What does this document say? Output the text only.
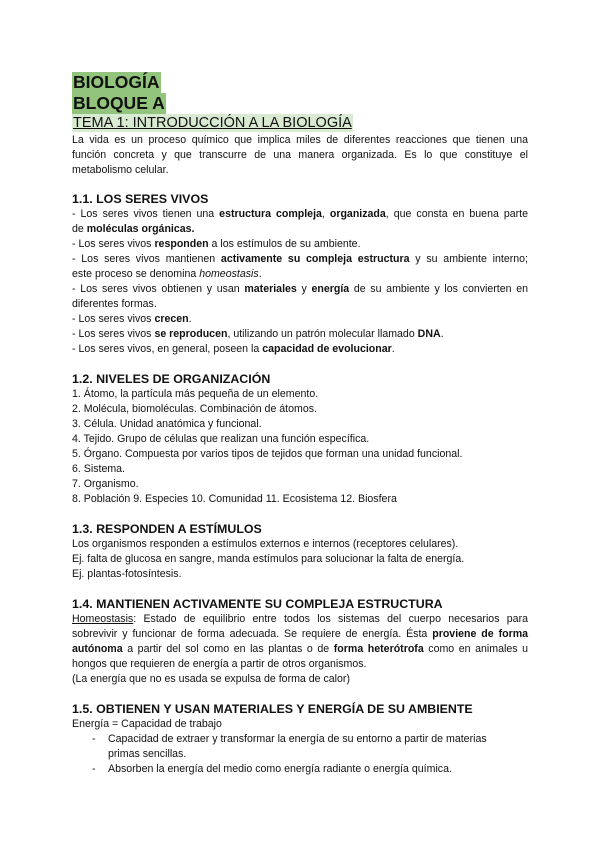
BIOLOGÍA
BLOQUE A
TEMA 1: INTRODUCCIÓN A LA BIOLOGÍA
La vida es un proceso químico que implica miles de diferentes reacciones que tienen una
función concreta y que transcurre de una manera organizada. Es lo que constituye el
metabolismo celular.
1.1. LOS SERES VIVOS
- Los seres vivos tienen una estructura compleja, organizada, que consta en buena parte
de moléculas orgánicas.
- Los seres vivos responden a los estímulos de su ambiente.
- Los seres vivos mantienen activamente su compleja estructura y su ambiente interno;
este proceso se denomina homeostasis.
- Los seres vivos obtienen y usan materiales y energía de su ambiente y los convierten en
diferentes formas.
- Los seres vivos crecen.
- Los seres vivos se reproducen, utilizando un patrón molecular llamado DNA.
- Los seres vivos, en general, poseen la capacidad de evolucionar.
1.2. NIVELES DE ORGANIZACIÓN
1. Átomo, la partícula más pequeña de un elemento.
2. Molécula, biomoléculas. Combinación de átomos.
3. Célula. Unidad anatómica y funcional.
4. Tejido. Grupo de células que realizan una función específica.
5. Órgano. Compuesta por varios tipos de tejidos que forman una unidad funcional.
6. Sistema.
7. Organismo.
8. Población 9. Especies 10. Comunidad 11. Ecosistema 12. Biosfera
1.3. RESPONDEN A ESTÍMULOS
Los organismos responden a estímulos externos e internos (receptores celulares).
Ej. falta de glucosa en sangre, manda estímulos para solucionar la falta de energía.
Ej. plantas-fotosíntesis.
1.4. MANTIENEN ACTIVAMENTE SU COMPLEJA ESTRUCTURA
Homeostasis: Estado de equilibrio entre todos los sistemas del cuerpo necesarios para
sobrevivir y funcionar de forma adecuada. Se requiere de energía. Ésta proviene de forma
autónoma a partir del sol como en las plantas o de forma heterótrofa como en animales u
hongos que requieren de energía a partir de otros organismos.
(La energía que no es usada se expulsa de forma de calor)
1.5. OBTIENEN Y USAN MATERIALES Y ENERGÍA DE SU AMBIENTE
Energía = Capacidad de trabajo
- Capacidad de extraer y transformar la energía de su entorno a partir de materias
primas sencillas.
- Absorben la energía del medio como energía radiante o energía química.
